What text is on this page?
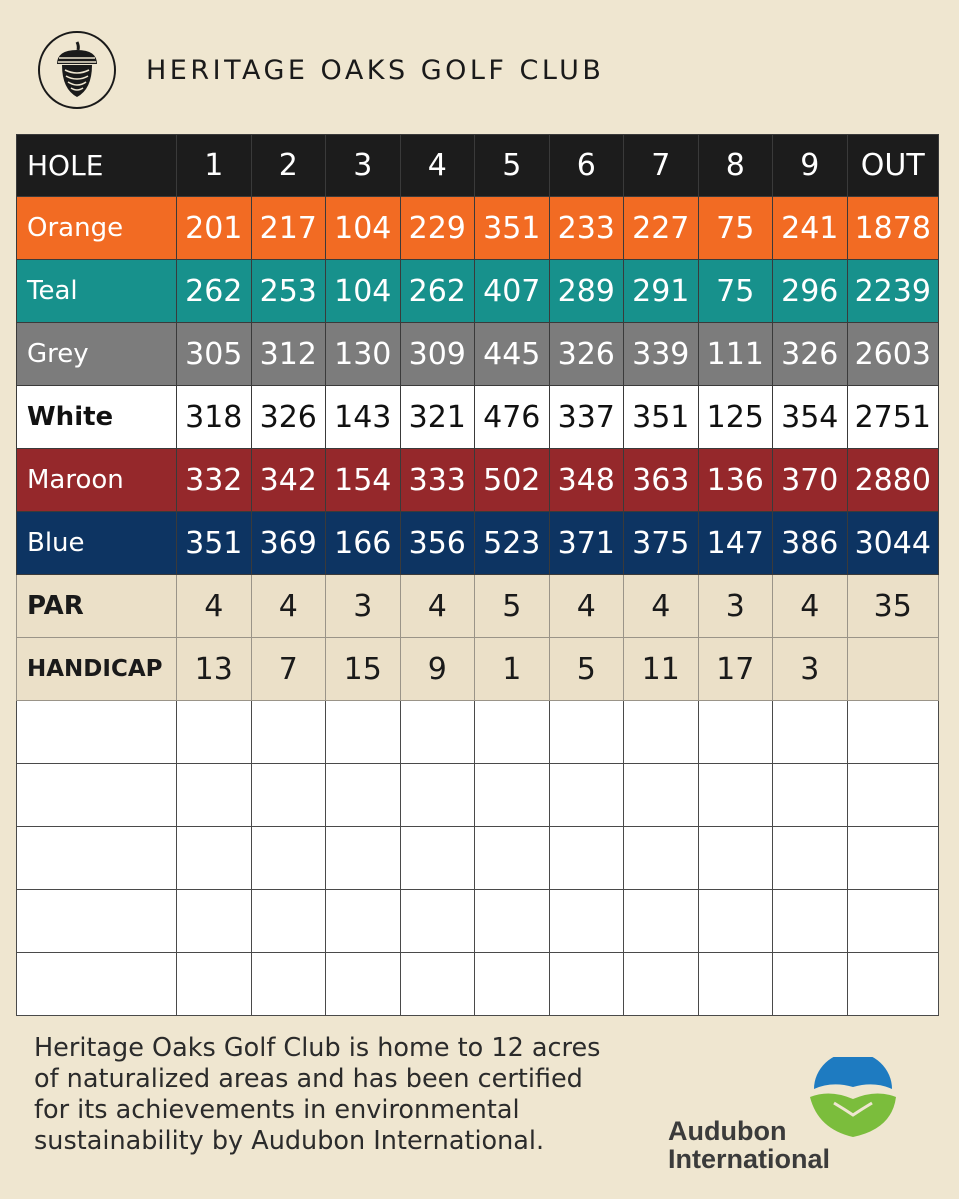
HERITAGE OAKS GOLF CLUB
HOLE	1	2	3	4	5	6	7	8	9	OUT
Orange	201	217	104	229	351	233	227	75	241	1878
Teal	262	253	104	262	407	289	291	75	296	2239
Grey	305	312	130	309	445	326	339	111	326	2603
White	318	326	143	321	476	337	351	125	354	2751
Maroon	332	342	154	333	502	348	363	136	370	2880
Blue	351	369	166	356	523	371	375	147	386	3044
PAR	4	4	3	4	5	4	4	3	4	35
HANDICAP	13	7	15	9	1	5	11	17	3	

Heritage Oaks Golf Club is home to 12 acres
of naturalized areas and has been certified
for its achievements in environmental
sustainability by Audubon International.	Audubon
International
